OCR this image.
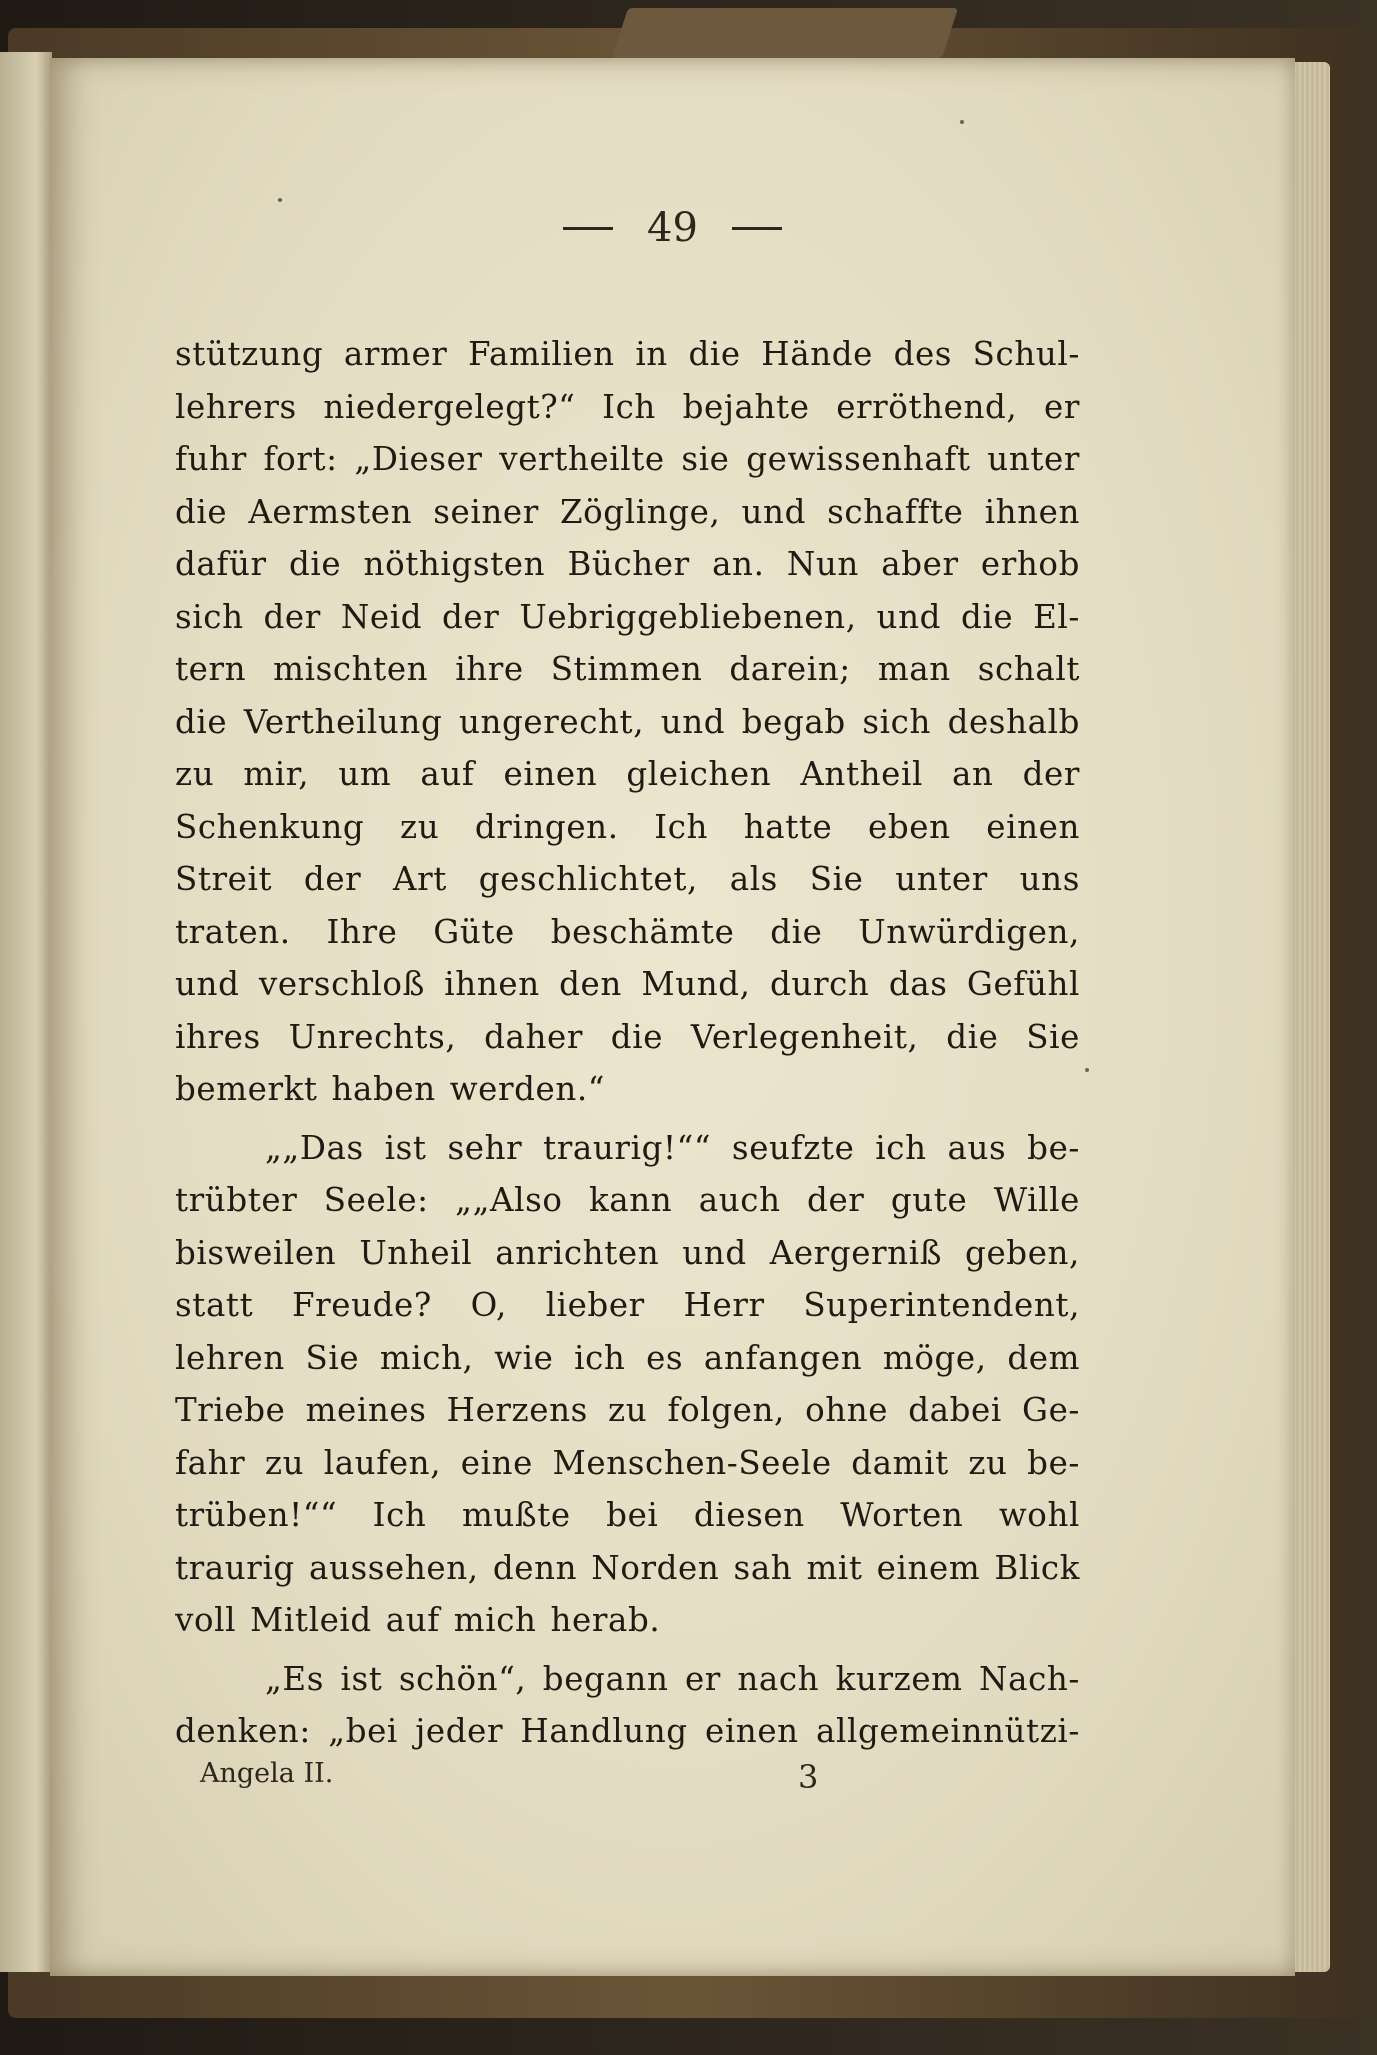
49
stützung armer Familien in die Hände des Schul-
lehrers niedergelegt?“ Ich bejahte erröthend, er
fuhr fort: „Dieser vertheilte sie gewissenhaft unter
die Aermsten seiner Zöglinge, und schaffte ihnen
dafür die nöthigsten Bücher an. Nun aber erhob
sich der Neid der Uebriggebliebenen, und die El-
tern mischten ihre Stimmen darein; man schalt
die Vertheilung ungerecht, und begab sich deshalb
zu mir, um auf einen gleichen Antheil an der
Schenkung zu dringen. Ich hatte eben einen
Streit der Art geschlichtet, als Sie unter uns
traten. Ihre Güte beschämte die Unwürdigen,
und verschloß ihnen den Mund, durch das Gefühl
ihres Unrechts, daher die Verlegenheit, die Sie
bemerkt haben werden.“
„„Das ist sehr traurig!““ seufzte ich aus be-
trübter Seele: „„Also kann auch der gute Wille
bisweilen Unheil anrichten und Aergerniß geben,
statt Freude? O, lieber Herr Superintendent,
lehren Sie mich, wie ich es anfangen möge, dem
Triebe meines Herzens zu folgen, ohne dabei Ge-
fahr zu laufen, eine Menschen-Seele damit zu be-
trüben!““ Ich mußte bei diesen Worten wohl
traurig aussehen, denn Norden sah mit einem Blick
voll Mitleid auf mich herab.
„Es ist schön“, begann er nach kurzem Nach-
denken: „bei jeder Handlung einen allgemeinnützi-
Angela II.	3
